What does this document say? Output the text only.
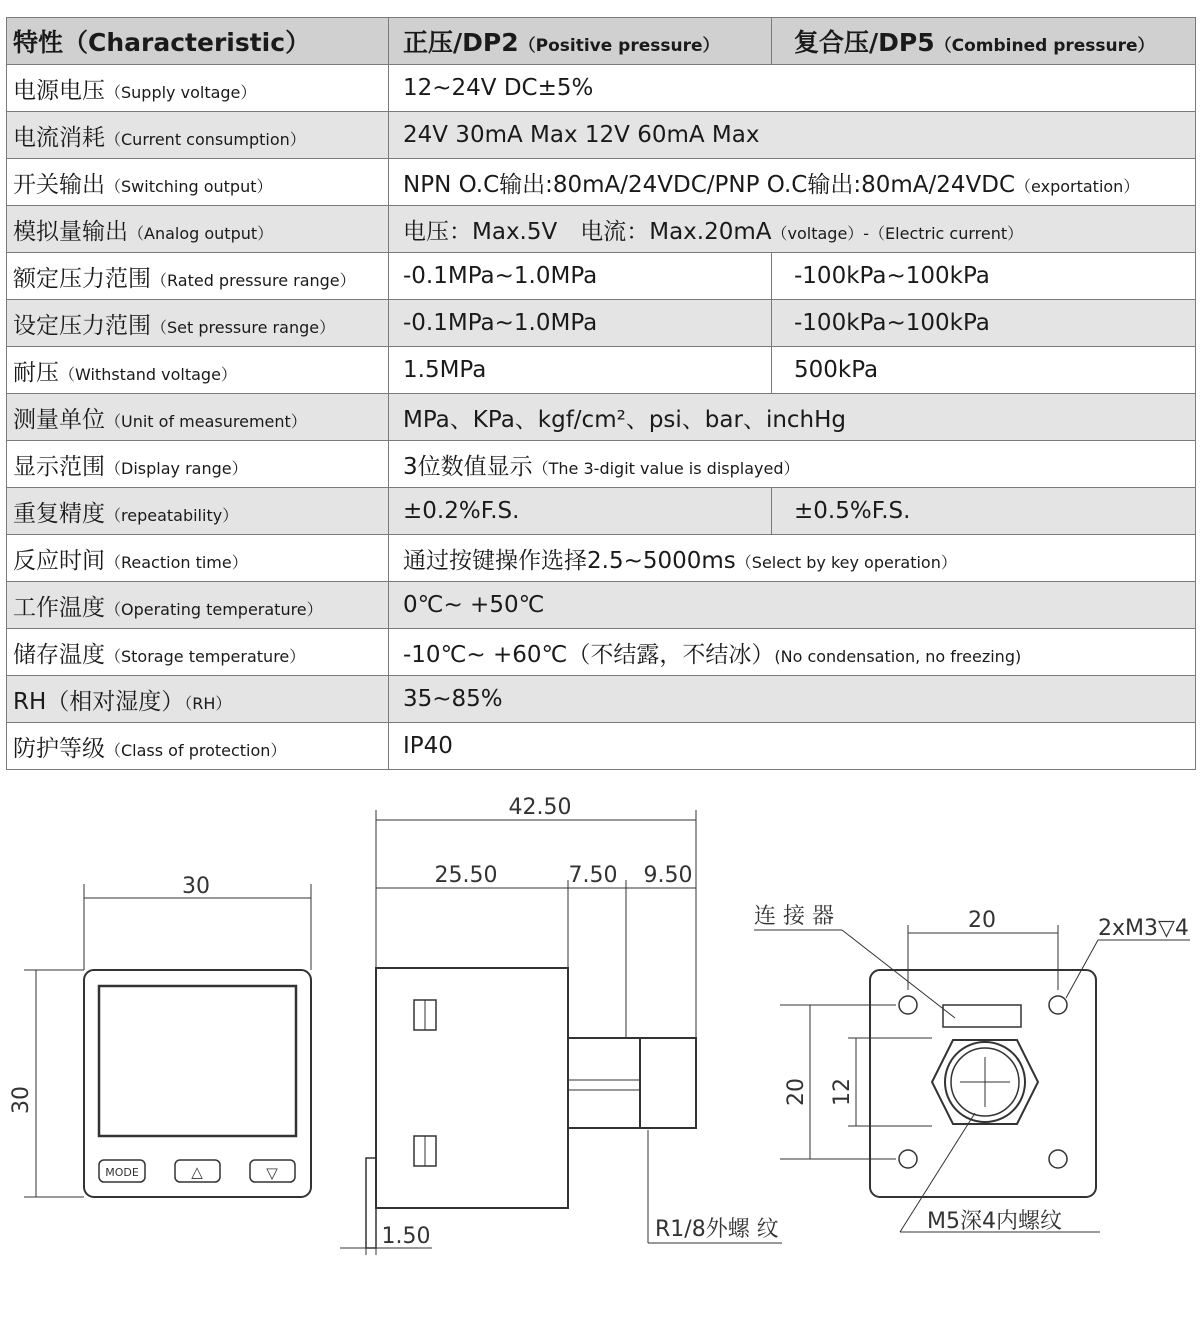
特性（Characteristic）	正压/DP2（Positive pressure）	复合压/DP5（Combined pressure）
电源电压（Supply voltage）	12~24V DC±5%	
电流消耗（Current consumption）	24V 30mA Max 12V 60mA Max	
开关输出（Switching output）	NPN O.C输出:80mA/24VDC/PNP O.C输出:80mA/24VDC（exportation）	
模拟量输出（Analog output）	电压：Max.5V　电流：Max.20mA（voltage）-（Electric current）	
额定压力范围（Rated pressure range）	-0.1MPa~1.0MPa	-100kPa~100kPa
设定压力范围（Set pressure range）	-0.1MPa~1.0MPa	-100kPa~100kPa
耐压（Withstand voltage）	1.5MPa	500kPa
测量单位（Unit of measurement）	MPa、KPa、kgf/cm²、psi、bar、inchHg	
显示范围（Display range）	3位数值显示（The 3-digit value is displayed）	
重复精度（repeatability）	±0.2%F.S.	±0.5%F.S.
反应时间（Reaction time）	通过按键操作选择2.5~5000ms（Select by key operation）	
工作温度（Operating temperature）	0℃~ +50℃	
储存温度（Storage temperature）	-10℃~ +60℃（不结露，不结冰）(No condensation, no freezing)	
RH（相对湿度）（RH）	35~85%	
防护等级（Class of protection）	IP40	
30
30
MODE	△	▽
42.50
25.50	7.50 9.50
1.50	R1/8外螺 纹
连 接 器	20	2xM3▽4
20 12
M5深4内螺纹
